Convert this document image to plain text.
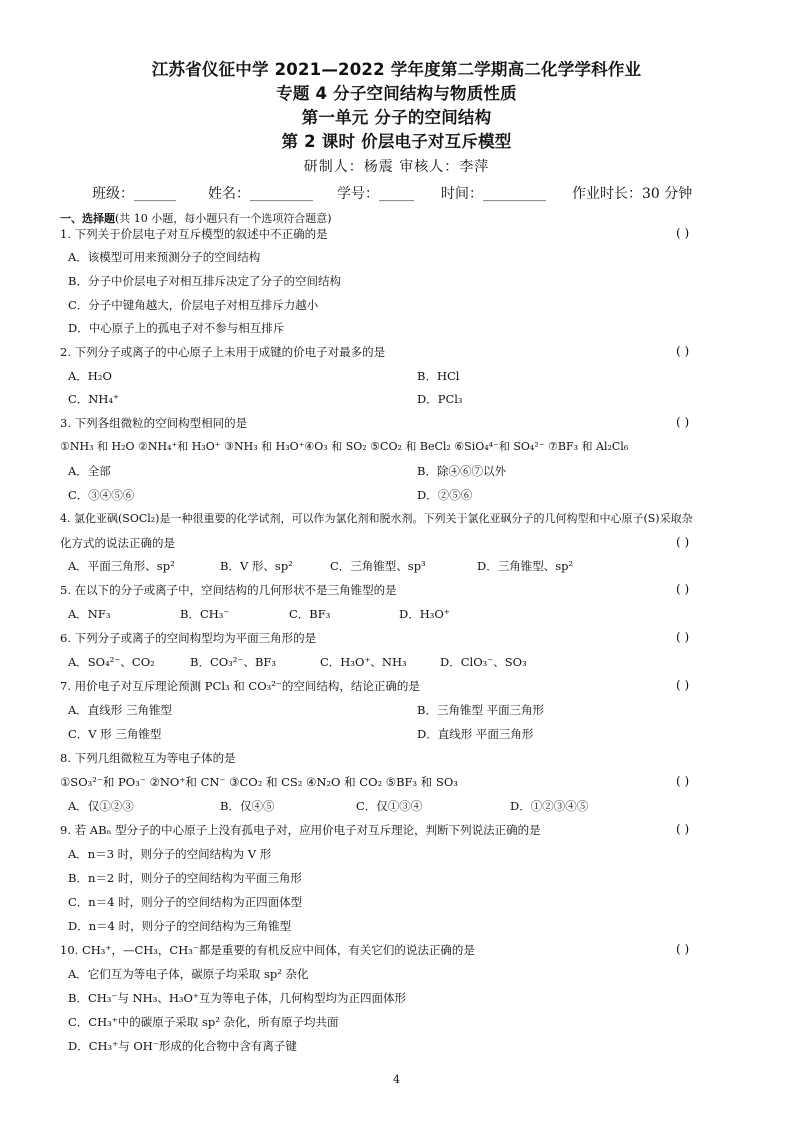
江苏省仪征中学 2021—2022 学年度第二学期高二化学学科作业
专题 4 分子空间结构与物质性质
第一单元 分子的空间结构
第 2 课时 价层电子对互斥模型
研制人：杨震 审核人：李萍
班级：______ 姓名：_________ 学号：_____ 时间：_________ 作业时长：30 分钟
一、选择题(共 10 小题，每小题只有一个选项符合题意)
1. 下列关于价层电子对互斥模型的叙述中不正确的是	( )
A．该模型可用来预测分子的空间结构
B．分子中价层电子对相互排斥决定了分子的空间结构
C．分子中键角越大，价层电子对相互排斥力越小
D．中心原子上的孤电子对不参与相互排斥
2. 下列分子或离子的中心原子上未用于成键的价电子对最多的是	( )
A．H₂O	B．HCl
C．NH₄⁺	D．PCl₃
3. 下列各组微粒的空间构型相同的是	( )
①NH₃ 和 H₂O ②NH₄⁺和 H₃O⁺ ③NH₃ 和 H₃O⁺④O₃ 和 SO₂ ⑤CO₂ 和 BeCl₂ ⑥SiO₄⁴⁻和 SO₄²⁻ ⑦BF₃ 和 Al₂Cl₆
A．全部	B．除④⑥⑦以外
C．③④⑤⑥	D．②⑤⑥
4. 氯化亚砜(SOCl₂)是一种很重要的化学试剂，可以作为氯化剂和脱水剂。下列关于氯化亚砜分子的几何构型和中心原子(S)采取杂
化方式的说法正确的是	( )
A．平面三角形、sp²	B．V 形、sp²	C．三角锥型、sp³	D．三角锥型、sp²
5. 在以下的分子或离子中，空间结构的几何形状不是三角锥型的是	( )
A．NF₃	B．CH₃⁻	C．BF₃	D．H₃O⁺
6. 下列分子或离子的空间构型均为平面三角形的是	( )
A．SO₄²⁻、CO₂	B．CO₃²⁻、BF₃	C．H₃O⁺、NH₃	D．ClO₃⁻、SO₃
7. 用价电子对互斥理论预测 PCl₃ 和 CO₃²⁻的空间结构，结论正确的是	( )
A．直线形 三角锥型	B．三角锥型 平面三角形
C．V 形 三角锥型	D．直线形 平面三角形
8. 下列几组微粒互为等电子体的是
①SO₃²⁻和 PO₃⁻ ②NO⁺和 CN⁻ ③CO₂ 和 CS₂ ④N₂O 和 CO₂ ⑤BF₃ 和 SO₃	( )
A．仅①②③	B．仅④⑤	C．仅①③④	D．①②③④⑤
9. 若 ABₙ 型分子的中心原子上没有孤电子对，应用价电子对互斥理论，判断下列说法正确的是	( )
A．n＝3 时，则分子的空间结构为 V 形
B．n＝2 时，则分子的空间结构为平面三角形
C．n＝4 时，则分子的空间结构为正四面体型
D．n＝4 时，则分子的空间结构为三角锥型
10. CH₃⁺，—CH₃，CH₃⁻都是重要的有机反应中间体，有关它们的说法正确的是	( )
A．它们互为等电子体，碳原子均采取 sp² 杂化
B．CH₃⁻与 NH₃、H₃O⁺互为等电子体，几何构型均为正四面体形
C．CH₃⁺中的碳原子采取 sp² 杂化，所有原子均共面
D．CH₃⁺与 OH⁻形成的化合物中含有离子键
4
